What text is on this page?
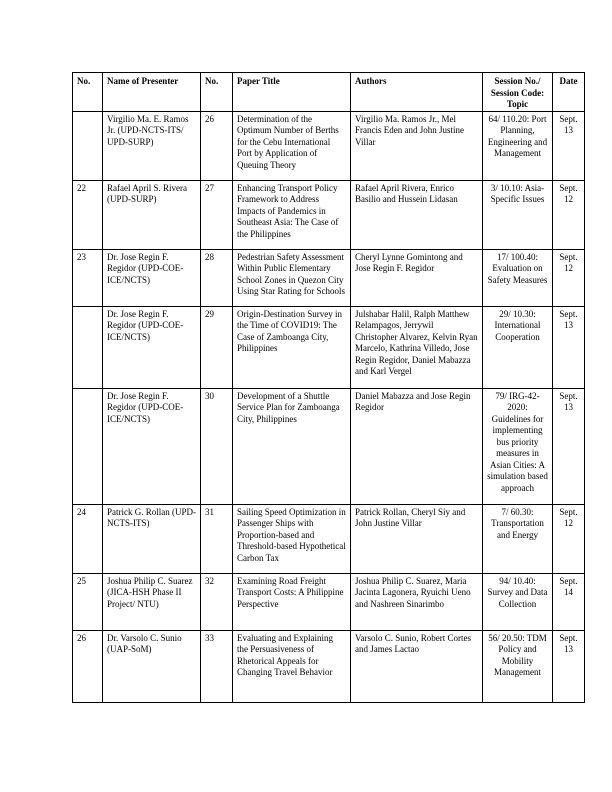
No.	Name of Presenter	No.	Paper Title	Authors	Session No./ Session Code: Topic	Date
	Virgilio Ma. E. Ramos Jr. (UPD-NCTS-ITS/ UPD-SURP)	26	Determination of the Optimum Number of Berths for the Cebu International Port by Application of Queuing Theory	Virgilio Ma. Ramos Jr., Mel Francis Eden and John Justine Villar	64/ 110.20: Port Planning, Engineering and Management	Sept. 13
22	Rafael April S. Rivera (UPD-SURP)	27	Enhancing Transport Policy Framework to Address Impacts of Pandemics in Southeast Asia: The Case of the Philippines	Rafael April Rivera, Enrico Basilio and Hussein Lidasan	3/ 10.10: Asia-Specific Issues	Sept. 12
23	Dr. Jose Regin F. Regidor (UPD-COE-ICE/NCTS)	28	Pedestrian Safety Assessment Within Public Elementary School Zones in Quezon City Using Star Rating for Schools	Cheryl Lynne Gomintong and Jose Regin F. Regidor	17/ 100.40: Evaluation on Safety Measures	Sept. 12
	Dr. Jose Regin F. Regidor (UPD-COE-ICE/NCTS)	29	Origin-Destination Survey in the Time of COVID19: The Case of Zamboanga City, Philippines	Julshabar Halil, Ralph Matthew Relampagos, Jerrywil Christopher Alvarez, Kelvin Ryan Marcelo, Kathrina Villedo, Jose Regin Regidor, Daniel Mabazza and Karl Vergel	29/ 10.30: International Cooperation	Sept. 13
	Dr. Jose Regin F. Regidor (UPD-COE-ICE/NCTS)	30	Development of a Shuttle Service Plan for Zamboanga City, Philippines	Daniel Mabazza and Jose Regin Regidor	79/ IRG-42-2020: Guidelines for implementing bus priority measures in Asian Cities: A simulation based approach	Sept. 13
24	Patrick G. Rollan (UPD-NCTS-ITS)	31	Sailing Speed Optimization in Passenger Ships with Proportion-based and Threshold-based Hypothetical Carbon Tax	Patrick Rollan, Cheryl Siy and John Justine Villar	7/ 60.30: Transportation and Energy	Sept. 12
25	Joshua Philip C. Suarez (JICA-HSH Phase II Project/ NTU)	32	Examining Road Freight Transport Costs: A Philippine Perspective	Joshua Philip C. Suarez, Maria Jacinta Lagonera, Ryuichi Ueno and Nashreen Sinarimbo	94/ 10.40: Survey and Data Collection	Sept. 14
26	Dr. Varsolo C. Sunio (UAP-SoM)	33	Evaluating and Explaining the Persuasiveness of Rhetorical Appeals for Changing Travel Behavior	Varsolo C. Sunio, Robert Cortes and James Lactao	56/ 20.50: TDM Policy and Mobility Management	Sept. 13
